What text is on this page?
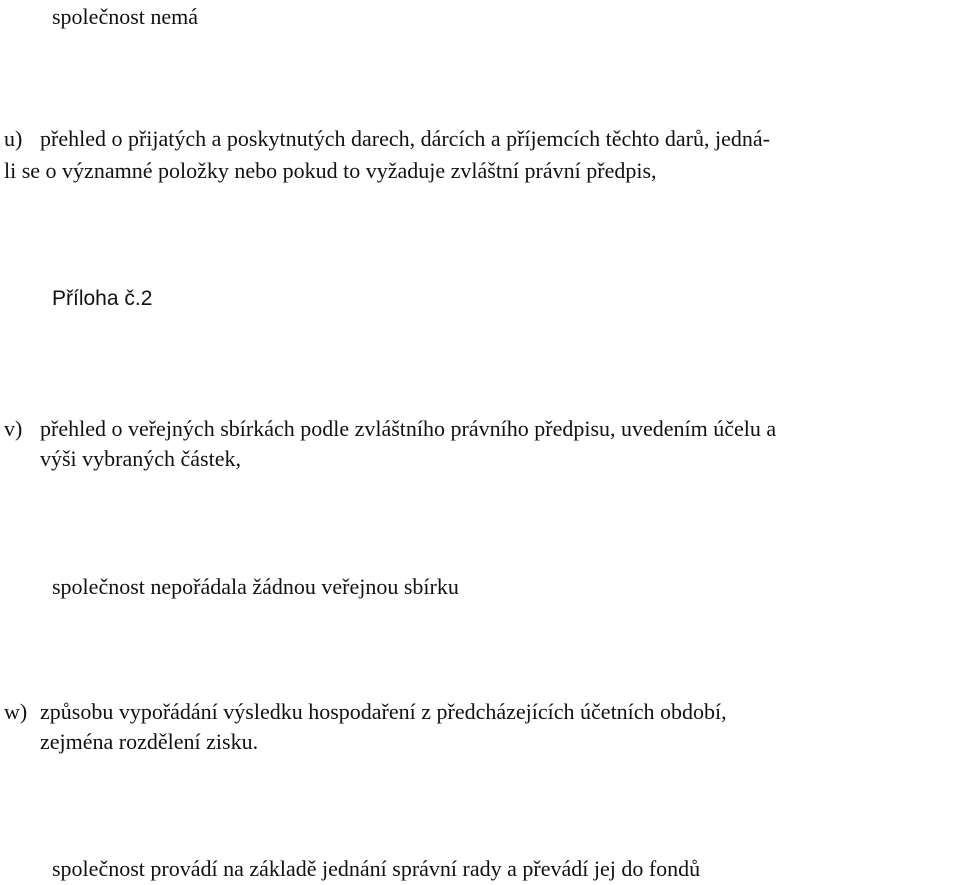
společnost nemá

u) přehled o přijatých a poskytnutých darech, dárcích a příjemcích těchto darů, jedná-

li se o významné položky nebo pokud to vyžaduje zvláštní právní předpis,

Příloha č.2

v) přehled o veřejných sbírkách podle zvláštního právního předpisu, uvedením účelu a
výši vybraných částek,

společnost nepořádala žádnou veřejnou sbírku

w) způsobu vypořádání výsledku hospodaření z předcházejících účetních období,
zejména rozdělení zisku.

společnost provádí na základě jednání správní rady a převádí jej do fondů
